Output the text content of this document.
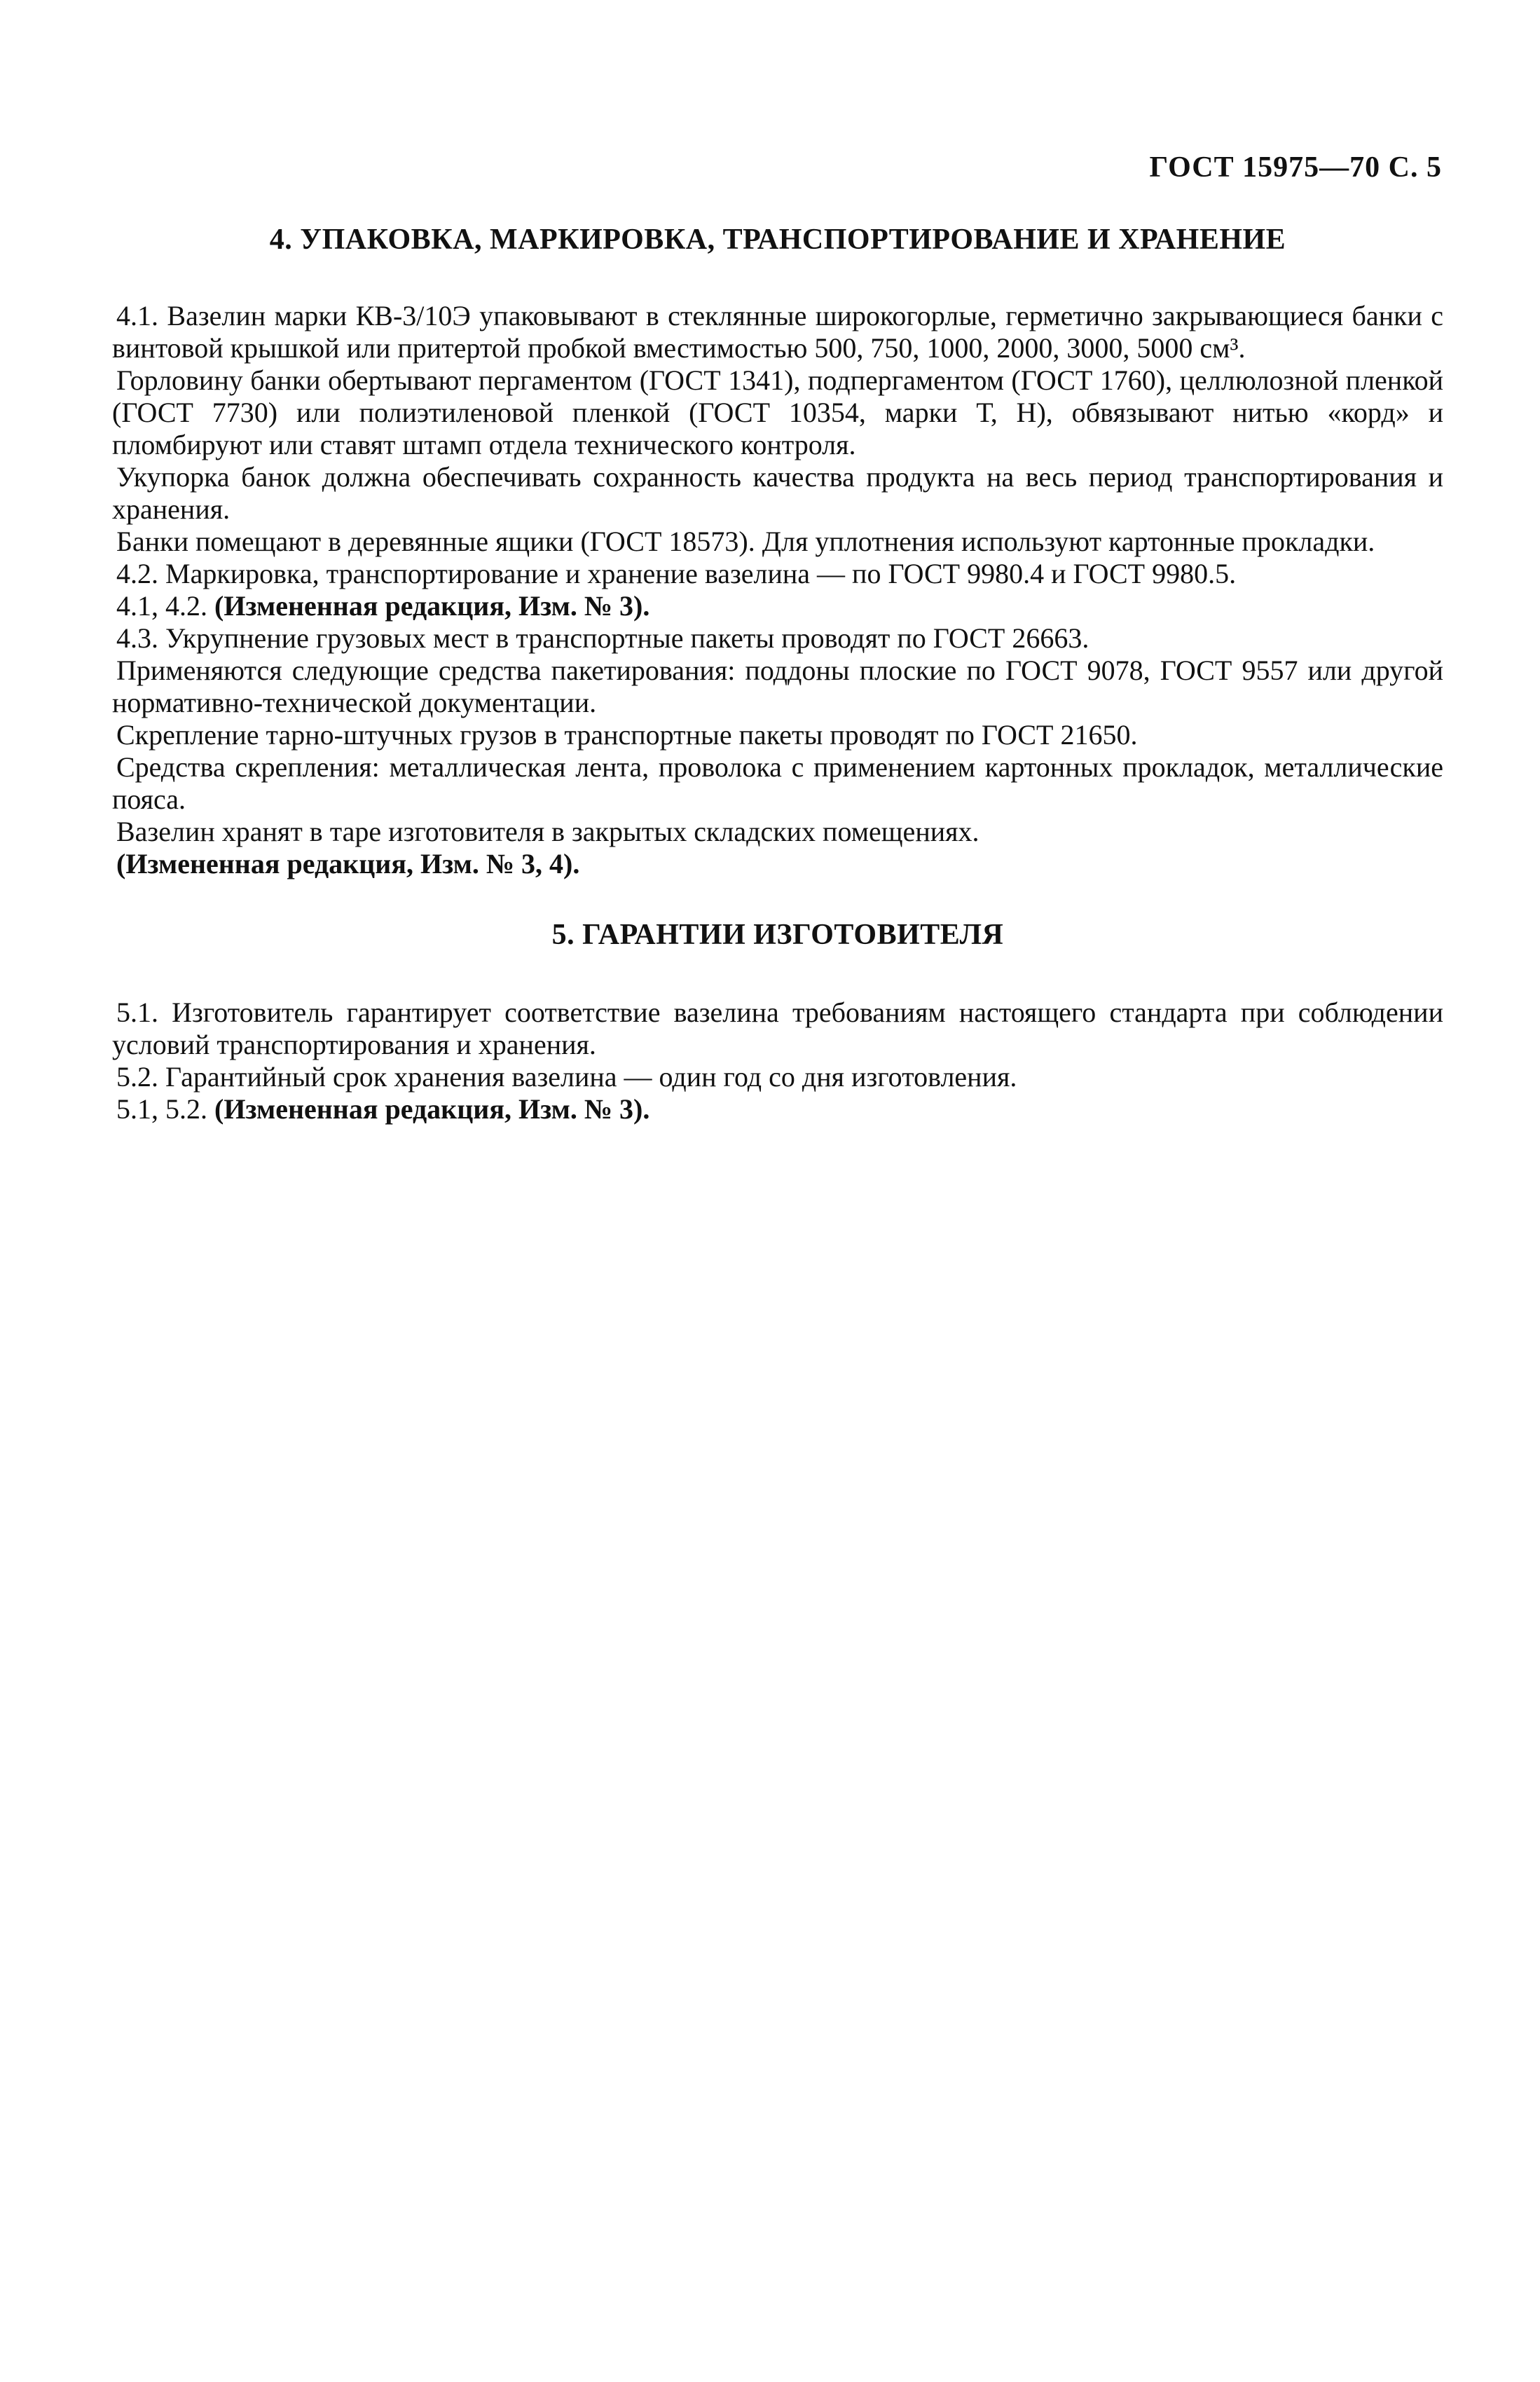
ГОСТ 15975—70 С. 5
4. УПАКОВКА, МАРКИРОВКА, ТРАНСПОРТИРОВАНИЕ И ХРАНЕНИЕ

4.1. Вазелин марки КВ-3/10Э упаковывают в стеклянные широкогорлые, герметично закрывающиеся банки с винтовой крышкой или притертой пробкой вместимостью 500, 750, 1000, 2000, 3000, 5000 см³.

Горловину банки обертывают пергаментом (ГОСТ 1341), подпергаментом (ГОСТ 1760), целлюлозной пленкой (ГОСТ 7730) или полиэтиленовой пленкой (ГОСТ 10354, марки Т, Н), обвязывают нитью «корд» и пломбируют или ставят штамп отдела технического контроля.

Укупорка банок должна обеспечивать сохранность качества продукта на весь период транспортирования и хранения.

Банки помещают в деревянные ящики (ГОСТ 18573). Для уплотнения используют картонные прокладки.

4.2. Маркировка, транспортирование и хранение вазелина — по ГОСТ 9980.4 и ГОСТ 9980.5.

4.1, 4.2. (Измененная редакция, Изм. № 3).

4.3. Укрупнение грузовых мест в транспортные пакеты проводят по ГОСТ 26663.

Применяются следующие средства пакетирования: поддоны плоские по ГОСТ 9078, ГОСТ 9557 или другой нормативно-технической документации.

Скрепление тарно-штучных грузов в транспортные пакеты проводят по ГОСТ 21650.

Средства скрепления: металлическая лента, проволока с применением картонных прокладок, металлические пояса.

Вазелин хранят в таре изготовителя в закрытых складских помещениях.

(Измененная редакция, Изм. № 3, 4).

5. ГАРАНТИИ ИЗГОТОВИТЕЛЯ

5.1. Изготовитель гарантирует соответствие вазелина требованиям настоящего стандарта при соблюдении условий транспортирования и хранения.

5.2. Гарантийный срок хранения вазелина — один год со дня изготовления.

5.1, 5.2. (Измененная редакция, Изм. № 3).
